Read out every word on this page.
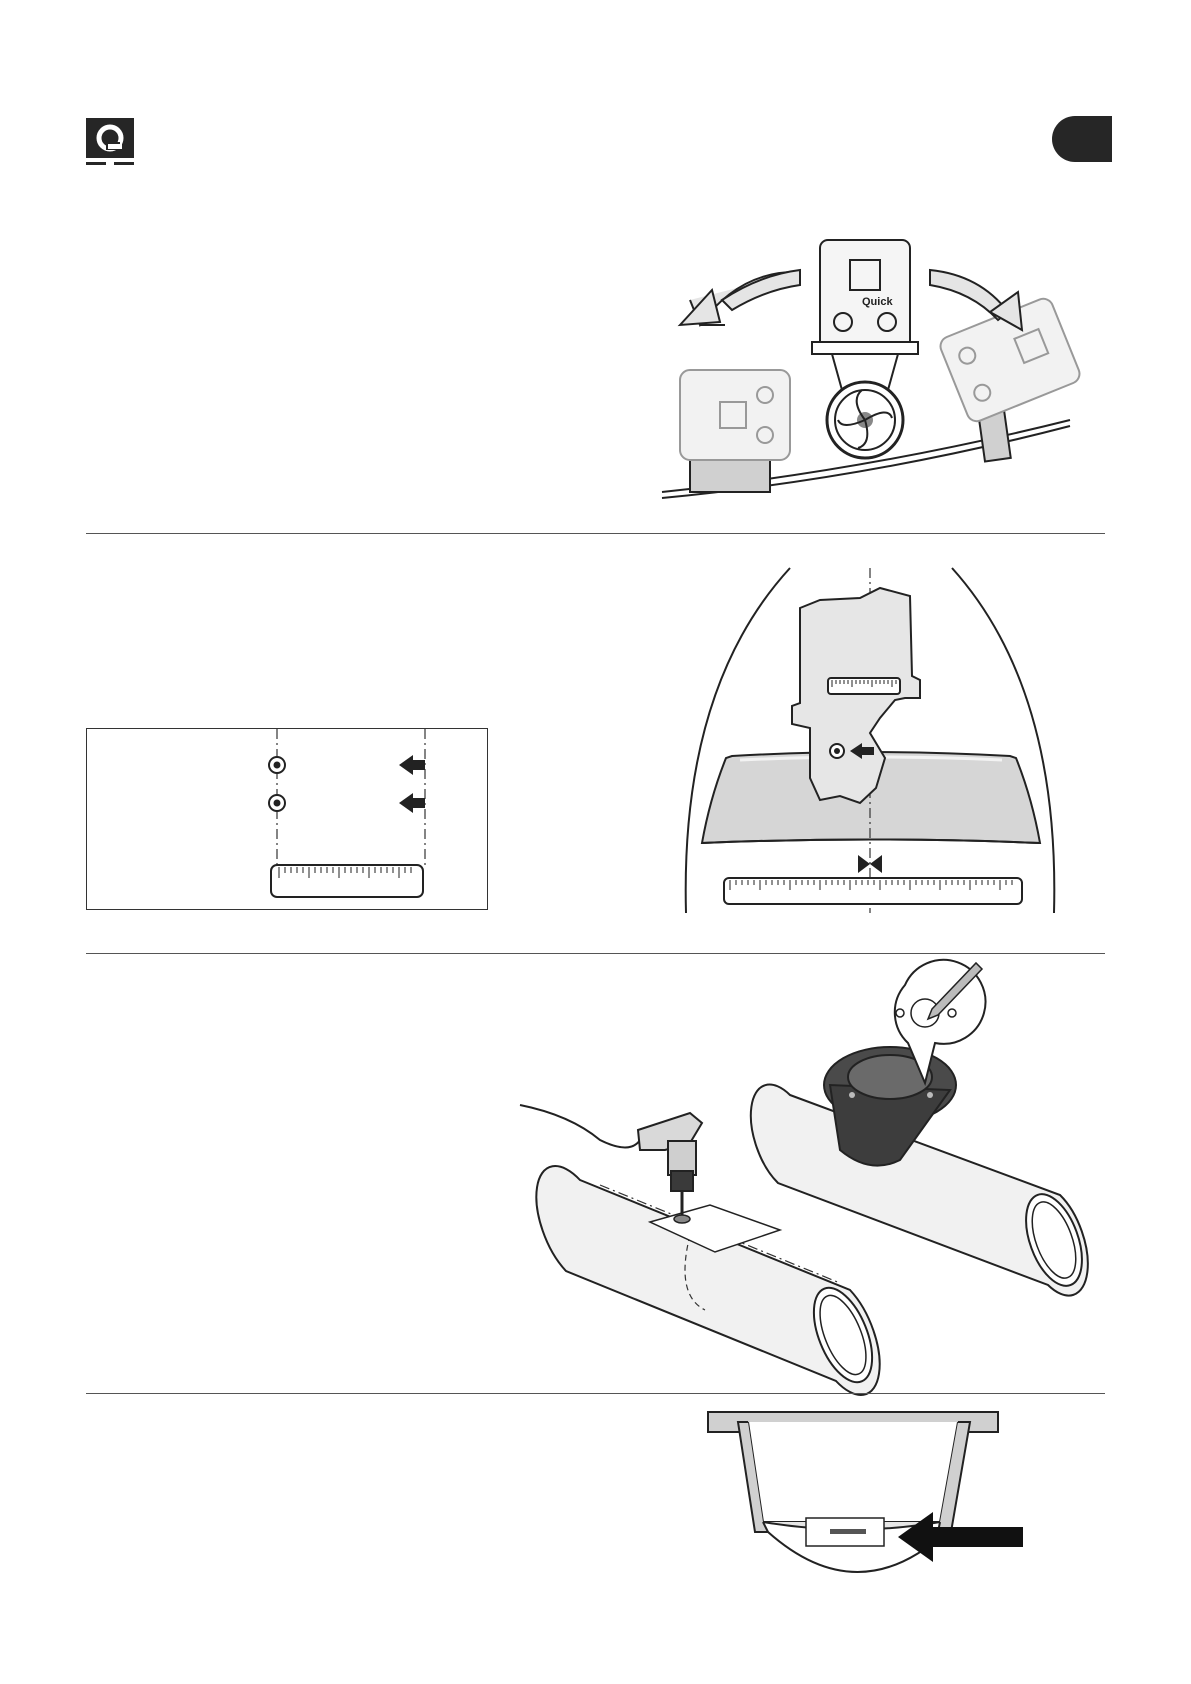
Quick
